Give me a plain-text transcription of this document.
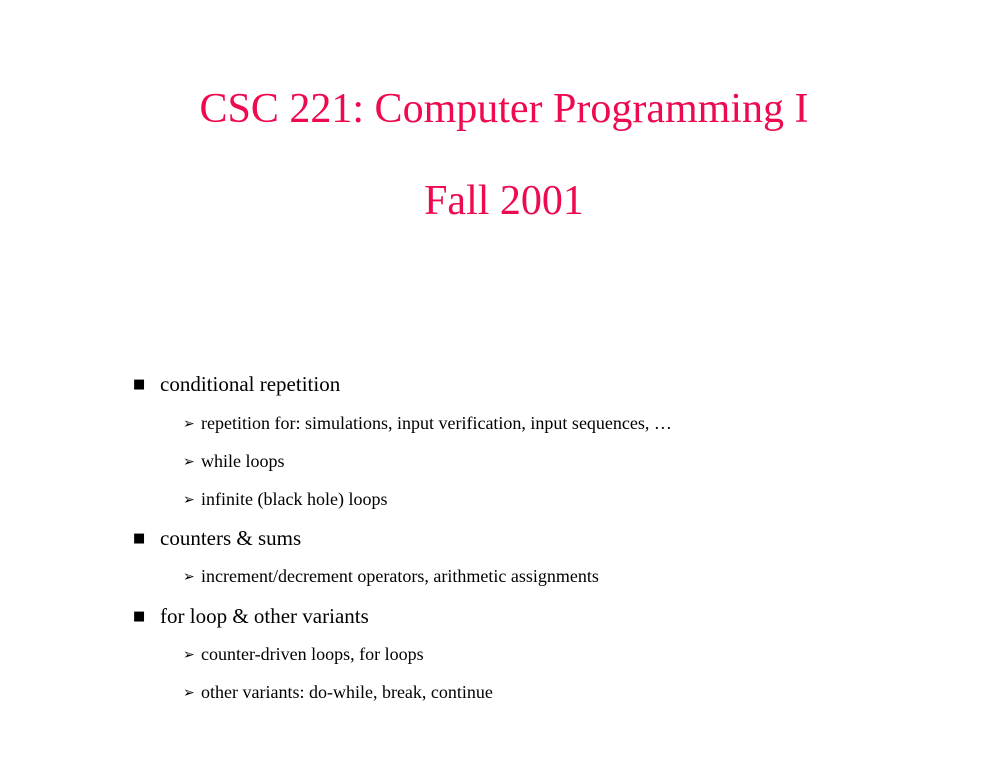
CSC 221: Computer Programming I
Fall 2001
■ conditional repetition
➢ repetition for: simulations, input verification, input sequences, …
➢ while loops
➢ infinite (black hole) loops
■ counters & sums
➢ increment/decrement operators, arithmetic assignments
■ for loop & other variants
➢ counter-driven loops, for loops
➢ other variants: do-while, break, continue
